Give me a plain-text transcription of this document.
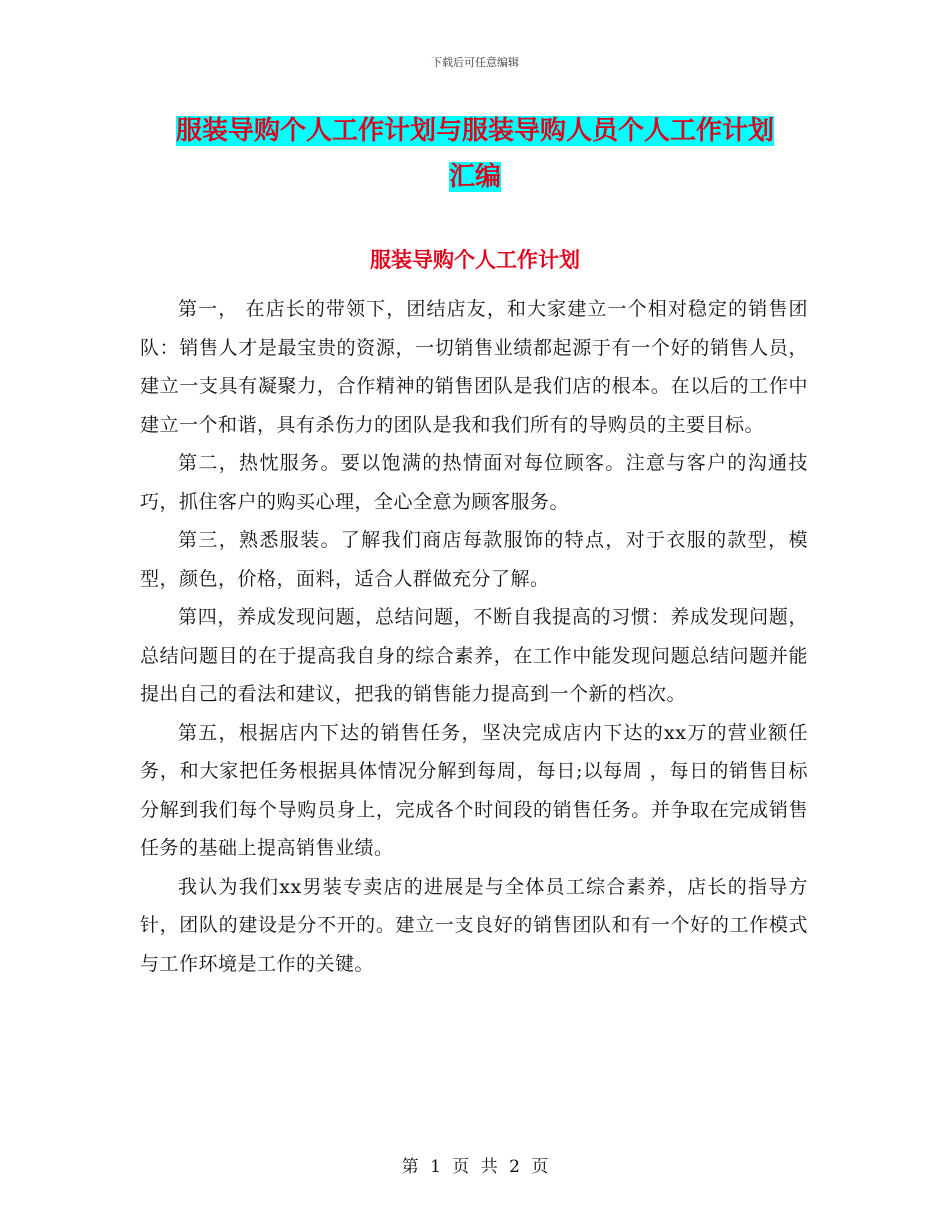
下载后可任意编辑
服装导购个人工作计划与服装导购人员个人工作计划
汇编
服装导购个人工作计划

第一， 在店长的带领下，团结店友，和大家建立一个相对稳定的销售团队：销售人才是最宝贵的资源，一切销售业绩都起源于有一个好的销售人员，建立一支具有凝聚力，合作精神的销售团队是我们店的根本。在以后的工作中建立一个和谐，具有杀伤力的团队是我和我们所有的导购员的主要目标。

第二，热忱服务。要以饱满的热情面对每位顾客。注意与客户的沟通技巧，抓住客户的购买心理，全心全意为顾客服务。

第三，熟悉服装。了解我们商店每款服饰的特点，对于衣服的款型，模型，颜色，价格，面料，适合人群做充分了解。

第四，养成发现问题，总结问题，不断自我提高的习惯：养成发现问题，总结问题目的在于提高我自身的综合素养，在工作中能发现问题总结问题并能提出自己的看法和建议，把我的销售能力提高到一个新的档次。

第五，根据店内下达的销售任务，坚决完成店内下达的xx万的营业额任务，和大家把任务根据具体情况分解到每周，每日;以每周 ，每日的销售目标分解到我们每个导购员身上，完成各个时间段的销售任务。并争取在完成销售任务的基础上提高销售业绩。

我认为我们xx男装专卖店的进展是与全体员工综合素养，店长的指导方针，团队的建设是分不开的。建立一支良好的销售团队和有一个好的工作模式与工作环境是工作的关键。

第 1 页 共 2 页
